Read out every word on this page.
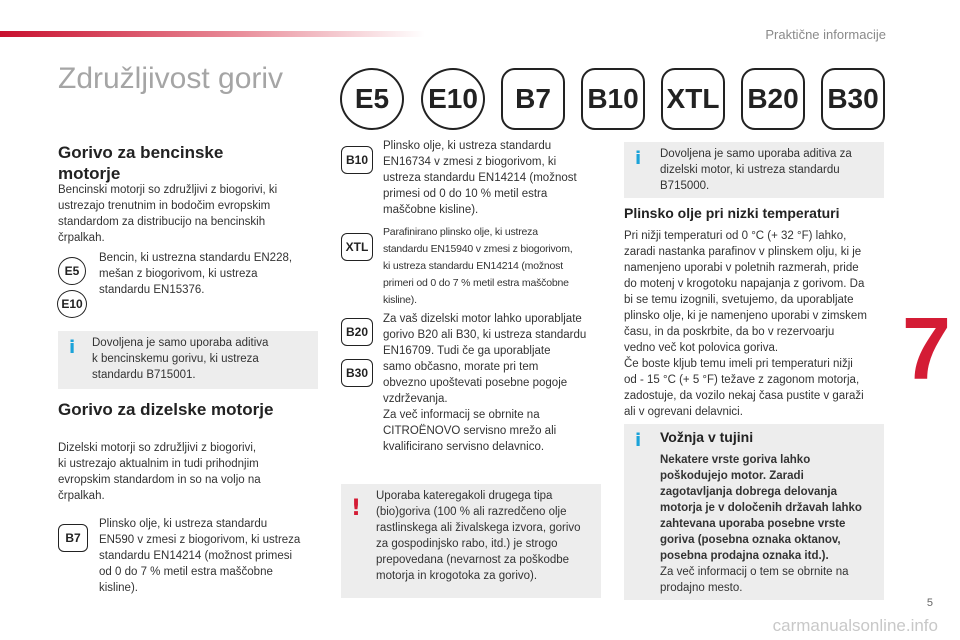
Praktične informacije
Združljivost goriv
7
E5	E10	B7	B10 XTL B20 B30
Gorivo za bencinske motorje
Bencinski motorji so združljivi z biogorivi, ki
ustrezajo trenutnim in bodočim evropskim
standardom za distribucijo na bencinskih
črpalkah.
E5
E10
Bencin, ki ustrezna standardu EN228,
mešan z biogorivom, ki ustreza
standardu EN15376.
i Dovoljena je samo uporaba aditiva
k bencinskemu gorivu, ki ustreza
standardu B715001.
Gorivo za dizelske motorje
Dizelski motorji so združljivi z biogorivi,
ki ustrezajo aktualnim in tudi prihodnjim
evropskim standardom in so na voljo na
črpalkah.
B7
Plinsko olje, ki ustreza standardu
EN590 v zmesi z biogorivom, ki ustreza
standardu EN14214 (možnost primesi
od 0 do 7 % metil estra maščobne
kisline).
B10
Plinsko olje, ki ustreza standardu
EN16734 v zmesi z biogorivom, ki
ustreza standardu EN14214 (možnost
primesi od 0 do 10 % metil estra
maščobne kisline).
XTL
Parafinirano plinsko olje, ki ustreza
standardu EN15940 v zmesi z biogorivom,
ki ustreza standardu EN14214 (možnost
primeri od 0 do 7 % metil estra maščobne
kisline).
B20
B30
Za vaš dizelski motor lahko uporabljate
gorivo B20 ali B30, ki ustreza standardu
EN16709. Tudi če ga uporabljate
samo občasno, morate pri tem
obvezno upoštevati posebne pogoje
vzdrževanja.
Za več informacij se obrnite na
CITROËNOVO servisno mrežo ali
kvalificirano servisno delavnico.
! Uporaba kateregakoli drugega tipa
(bio)goriva (100 % ali razredčeno olje
rastlinskega ali živalskega izvora, gorivo
za gospodinjsko rabo, itd.) je strogo
prepovedana (nevarnost za poškodbe
motorja in krogotoka za gorivo).
i Dovoljena je samo uporaba aditiva za
dizelski motor, ki ustreza standardu
B715000.
Plinsko olje pri nizki temperaturi
Pri nižji temperaturi od 0 °C (+ 32 °F) lahko,
zaradi nastanka parafinov v plinskem olju, ki je
namenjeno uporabi v poletnih razmerah, pride
do motenj v krogotoku napajanja z gorivom. Da
bi se temu izognili, svetujemo, da uporabljate
plinsko olje, ki je namenjeno uporabi v zimskem
času, in da poskrbite, da bo v rezervoarju
vedno več kot polovica goriva.
Če boste kljub temu imeli pri temperaturi nižji
od - 15 °C (+ 5 °F) težave z zagonom motorja,
zadostuje, da vozilo nekaj časa pustite v garaži
ali v ogrevani delavnici.
i Vožnja v tujini
Nekatere vrste goriva lahko
poškodujejo motor. Zaradi
zagotavljanja dobrega delovanja
motorja je v določenih državah lahko
zahtevana uporaba posebne vrste
goriva (posebna oznaka oktanov,
posebna prodajna oznaka itd.).
Za več informacij o tem se obrnite na
prodajno mesto.
5
carmanualsonline.info
